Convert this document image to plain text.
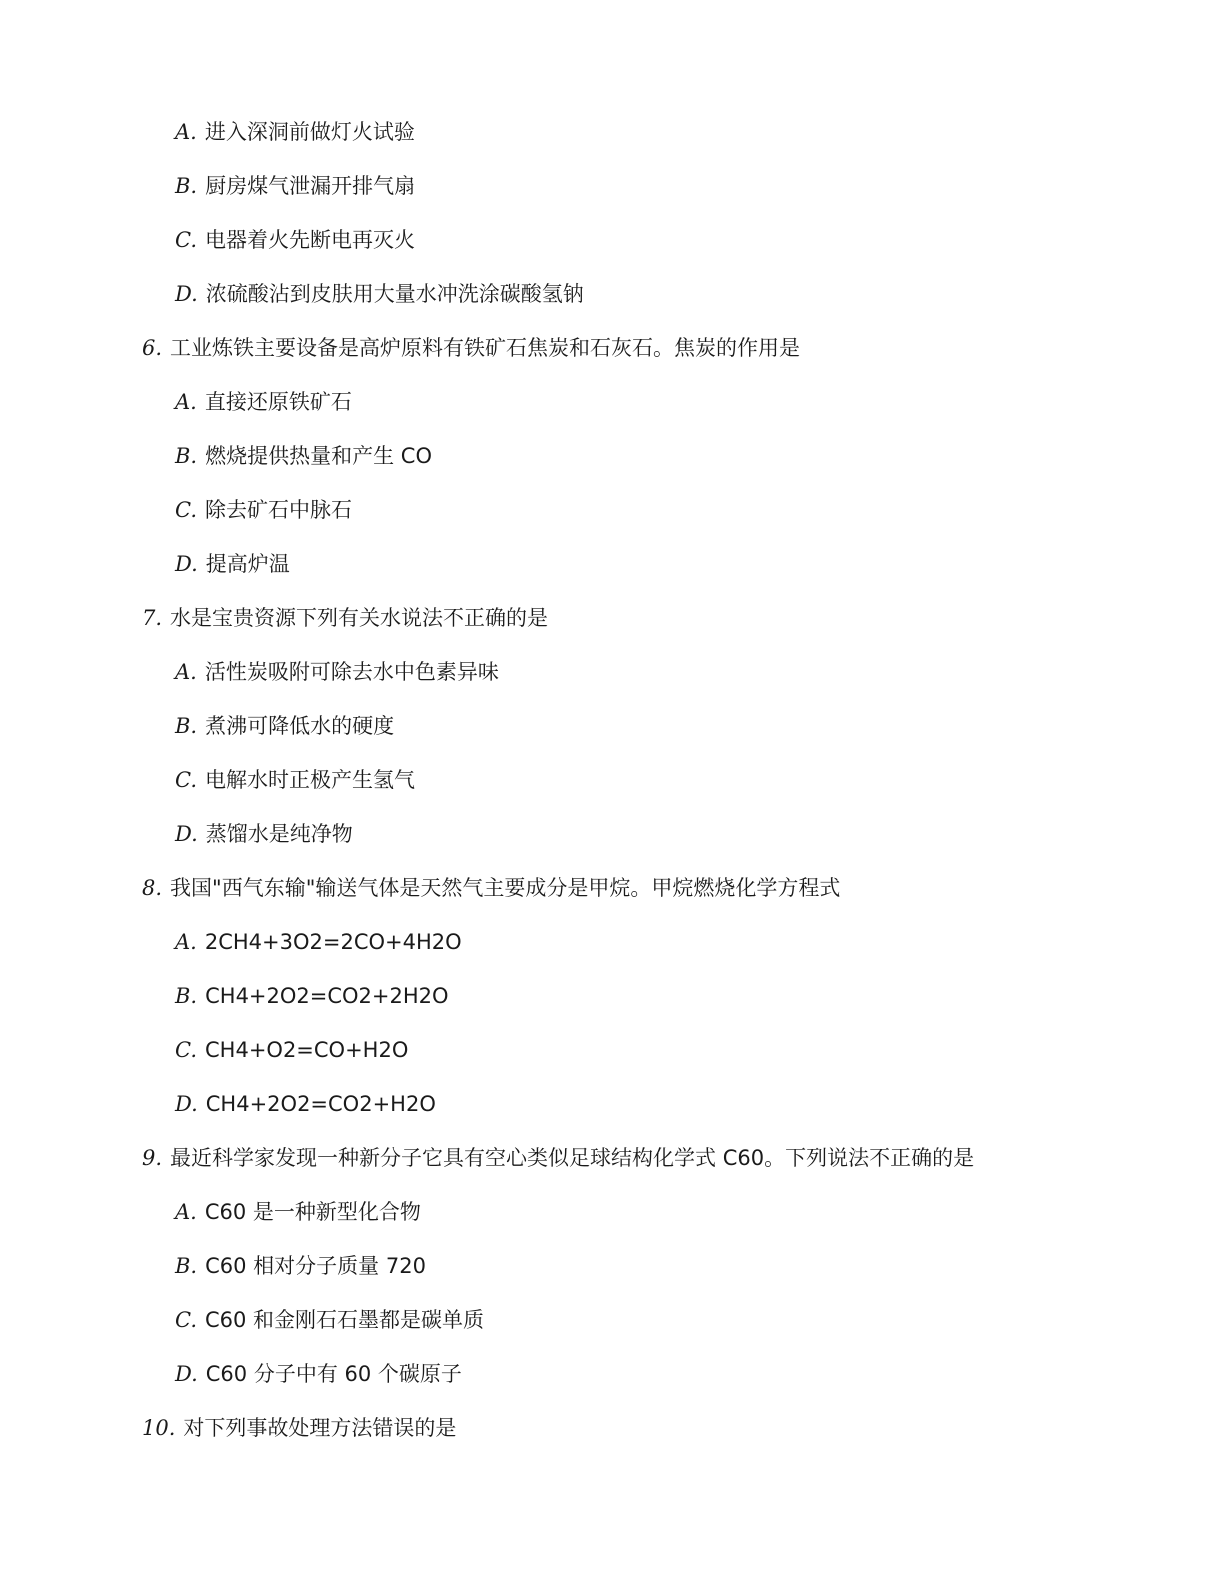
A. 进入深洞前做灯火试验
B. 厨房煤气泄漏开排气扇
C. 电器着火先断电再灭火
D. 浓硫酸沾到皮肤用大量水冲洗涂碳酸氢钠
6. 工业炼铁主要设备是高炉原料有铁矿石焦炭和石灰石。焦炭的作用是
A. 直接还原铁矿石
B. 燃烧提供热量和产生 CO
C. 除去矿石中脉石
D. 提高炉温
7. 水是宝贵资源下列有关水说法不正确的是
A. 活性炭吸附可除去水中色素异味
B. 煮沸可降低水的硬度
C. 电解水时正极产生氢气
D. 蒸馏水是纯净物
8. 我国"西气东输"输送气体是天然气主要成分是甲烷。甲烷燃烧化学方程式
A. 2CH4+3O2=2CO+4H2O
B. CH4+2O2=CO2+2H2O
C. CH4+O2=CO+H2O
D. CH4+2O2=CO2+H2O
9. 最近科学家发现一种新分子它具有空心类似足球结构化学式 C60。下列说法不正确的是
A. C60 是一种新型化合物
B. C60 相对分子质量 720
C. C60 和金刚石石墨都是碳单质
D. C60 分子中有 60 个碳原子
10. 对下列事故处理方法错误的是
